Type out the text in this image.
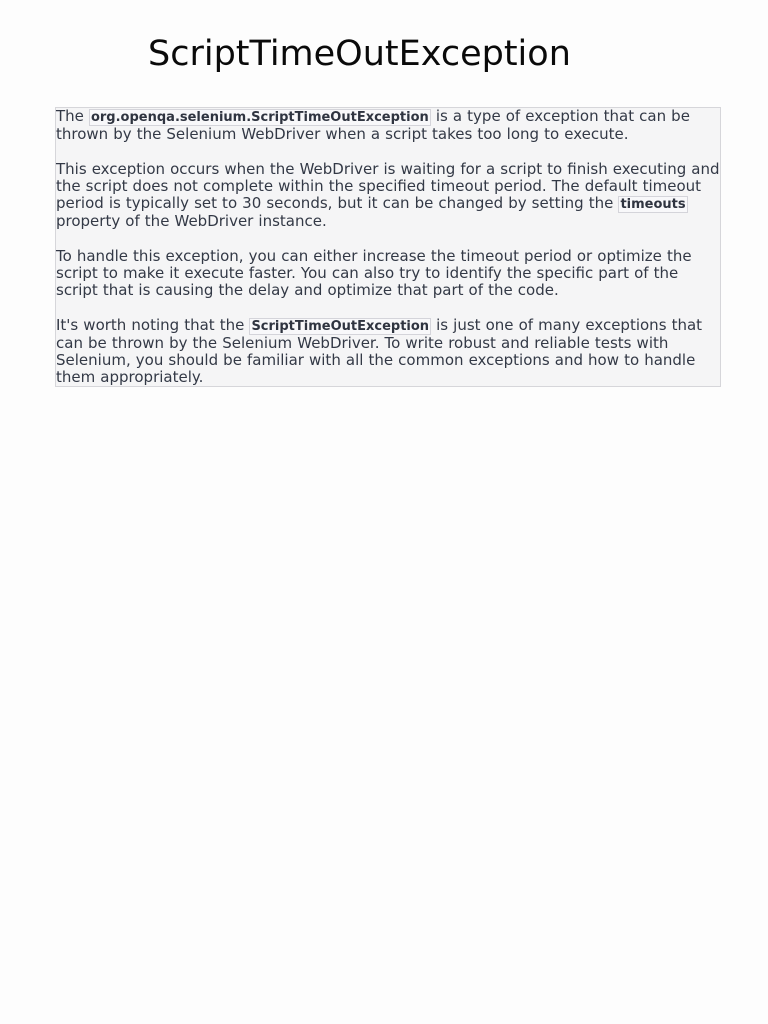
ScriptTimeOutException

The org.openqa.selenium.ScriptTimeOutException is a type of exception that can be thrown by the Selenium WebDriver when a script takes too long to execute.

This exception occurs when the WebDriver is waiting for a script to finish executing and the script does not complete within the specified timeout period. The default timeout period is typically set to 30 seconds, but it can be changed by setting the timeouts property of the WebDriver instance.

To handle this exception, you can either increase the timeout period or optimize the script to make it execute faster. You can also try to identify the specific part of the script that is causing the delay and optimize that part of the code.

It's worth noting that the ScriptTimeOutException is just one of many exceptions that can be thrown by the Selenium WebDriver. To write robust and reliable tests with Selenium, you should be familiar with all the common exceptions and how to handle them appropriately.
